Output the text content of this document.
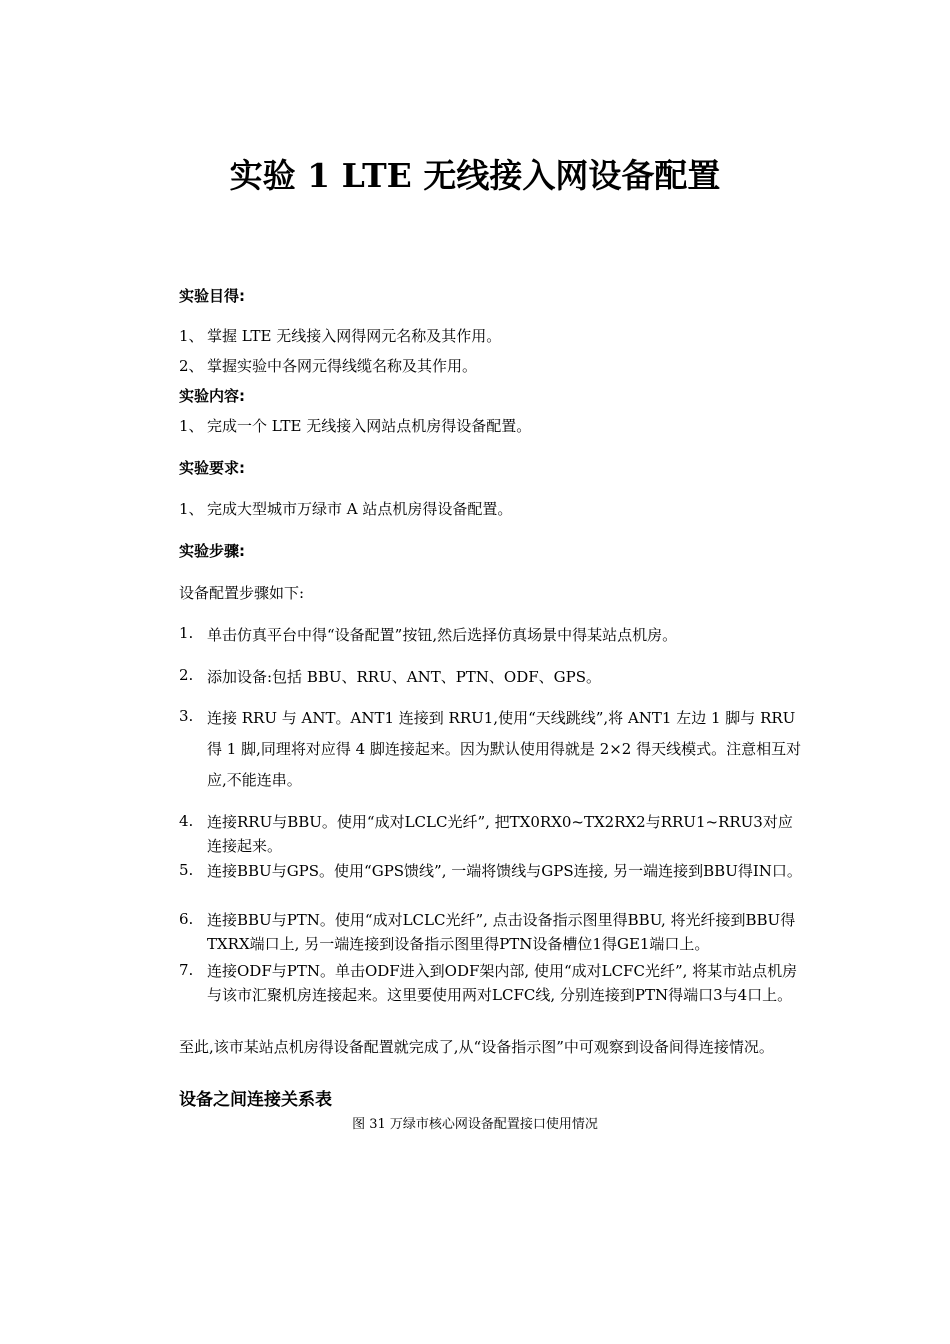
实验 1 LTE 无线接入网设备配置
实验目得:
1、 掌握 LTE 无线接入网得网元名称及其作用。
2、 掌握实验中各网元得线缆名称及其作用。
实验内容:
1、 完成一个 LTE 无线接入网站点机房得设备配置。
实验要求:
1、 完成大型城市万绿市 A 站点机房得设备配置。
实验步骤:
设备配置步骤如下:
1. 单击仿真平台中得“设备配置”按钮,然后选择仿真场景中得某站点机房。
2. 添加设备:包括 BBU、RRU、ANT、PTN、ODF、GPS。
3. 连接 RRU 与 ANT。ANT1 连接到 RRU1,使用“天线跳线”,将 ANT1 左边 1 脚与 RRU 得 1 脚,同理将对应得 4 脚连接起来。因为默认使用得就是 2×2 得天线模式。注意相互对应,不能连串。
4. 连接RRU与BBU。使用“成对LCLC光纤”, 把TX0RX0~TX2RX2与RRU1~RRU3对应连接起来。
5. 连接BBU与GPS。使用“GPS馈线”, 一端将馈线与GPS连接, 另一端连接到BBU得IN口。
6. 连接BBU与PTN。使用“成对LCLC光纤”, 点击设备指示图里得BBU, 将光纤接到BBU得TXRX端口上, 另一端连接到设备指示图里得PTN设备槽位1得GE1端口上。
7. 连接ODF与PTN。单击ODF进入到ODF架内部, 使用“成对LCFC光纤”, 将某市站点机房与该市汇聚机房连接起来。这里要使用两对LCFC线, 分别连接到PTN得端口3与4口上。
至此,该市某站点机房得设备配置就完成了,从“设备指示图”中可观察到设备间得连接情况。
设备之间连接关系表
图 31 万绿市核心网设备配置接口使用情况
